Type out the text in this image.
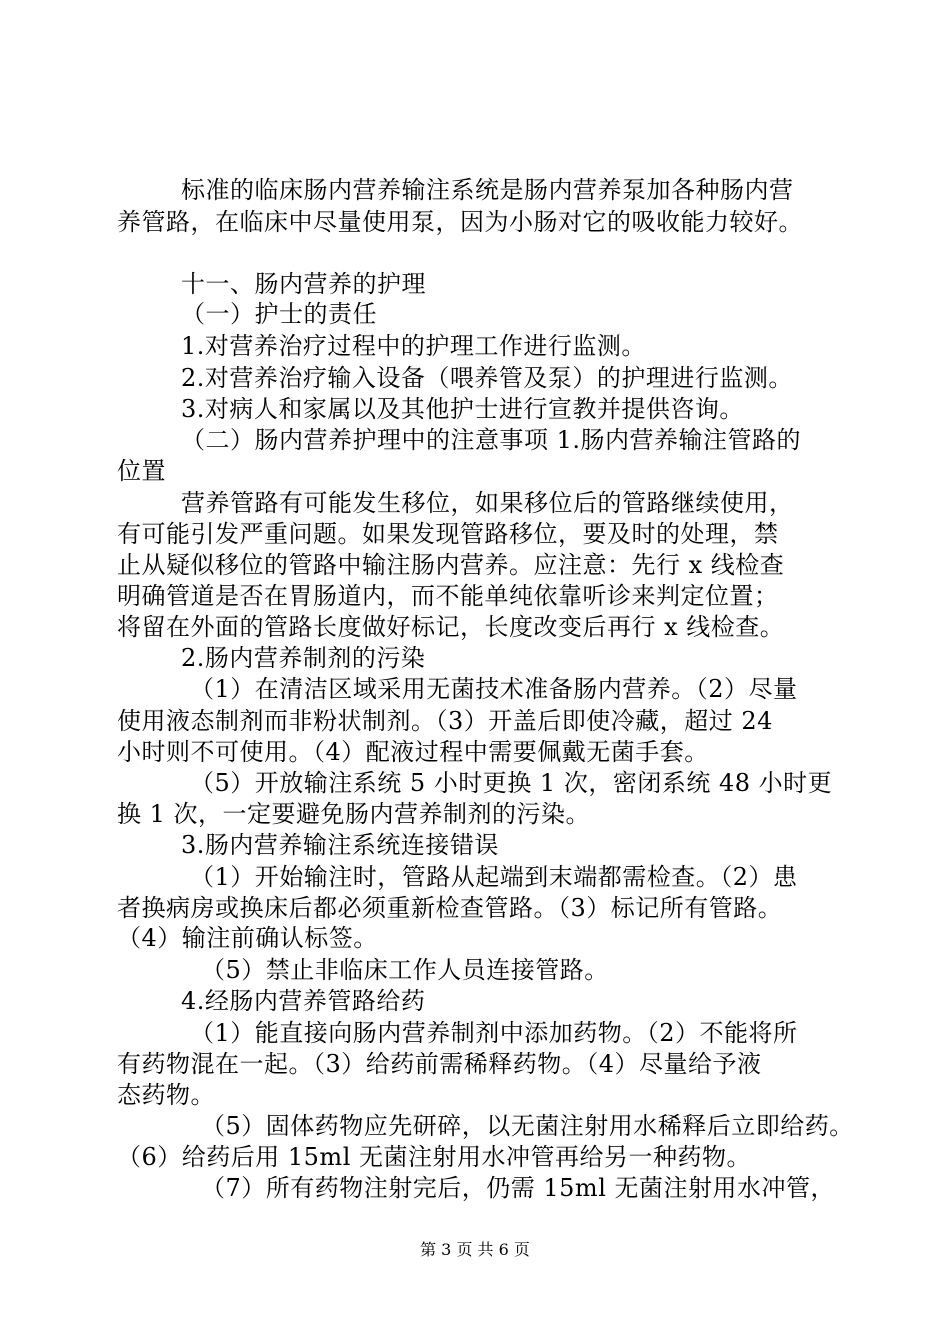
标准的临床肠内营养输注系统是肠内营养泵加各种肠内营
养管路，在临床中尽量使用泵，因为小肠对它的吸收能力较好。
十一、肠内营养的护理
（一）护士的责任
1.对营养治疗过程中的护理工作进行监测。
2.对营养治疗输入设备（喂养管及泵）的护理进行监测。
3.对病人和家属以及其他护士进行宣教并提供咨询。
（二）肠内营养护理中的注意事项 1.肠内营养输注管路的
位置
营养管路有可能发生移位，如果移位后的管路继续使用，
有可能引发严重问题。如果发现管路移位，要及时的处理，禁
止从疑似移位的管路中输注肠内营养。应注意：先行 x 线检查
明确管道是否在胃肠道内，而不能单纯依靠听诊来判定位置；
将留在外面的管路长度做好标记，长度改变后再行 x 线检查。
2.肠内营养制剂的污染
（1）在清洁区域采用无菌技术准备肠内营养。（2）尽量
使用液态制剂而非粉状制剂。（3）开盖后即使冷藏，超过 24
小时则不可使用。（4）配液过程中需要佩戴无菌手套。
（5）开放输注系统 5 小时更换 1 次，密闭系统 48 小时更
换 1 次，一定要避免肠内营养制剂的污染。
3.肠内营养输注系统连接错误
（1）开始输注时，管路从起端到末端都需检查。（2）患
者换病房或换床后都必须重新检查管路。（3）标记所有管路。
（4）输注前确认标签。
（5）禁止非临床工作人员连接管路。
4.经肠内营养管路给药
（1）能直接向肠内营养制剂中添加药物。（2）不能将所
有药物混在一起。（3）给药前需稀释药物。（4）尽量给予液
态药物。
（5）固体药物应先研碎，以无菌注射用水稀释后立即给药。
（6）给药后用 15ml 无菌注射用水冲管再给另一种药物。
（7）所有药物注射完后，仍需 15ml 无菌注射用水冲管，
第 3 页 共 6 页
